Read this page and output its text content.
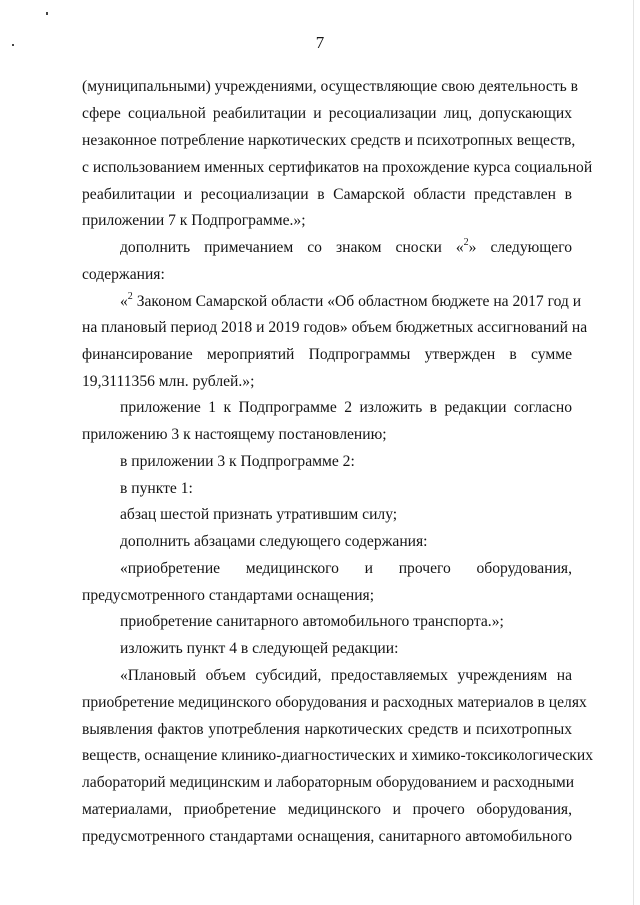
7
(муниципальными) учреждениями, осуществляющие свою деятельность в
сфере социальной реабилитации и ресоциализации лиц, допускающих
незаконное потребление наркотических средств и психотропных веществ,
с использованием именных сертификатов на прохождение курса социальной
реабилитации и ресоциализации в Самарской области представлен в
приложении 7 к Подпрограмме.»;
дополнить примечанием со знаком сноски «$^2$» следующего
содержания:
«$^2$ Законом Самарской области «Об областном бюджете на 2017 год и
на плановый период 2018 и 2019 годов» объем бюджетных ассигнований на
финансирование мероприятий Подпрограммы утвержден в сумме
19,3111356 млн. рублей.»;
приложение 1 к Подпрограмме 2 изложить в редакции согласно
приложению 3 к настоящему постановлению;
в приложении 3 к Подпрограмме 2:
в пункте 1:
абзац шестой признать утратившим силу;
дополнить абзацами следующего содержания:
«приобретение медицинского и прочего оборудования,
предусмотренного стандартами оснащения;
приобретение санитарного автомобильного транспорта.»;
изложить пункт 4 в следующей редакции:
«Плановый объем субсидий, предоставляемых учреждениям на
приобретение медицинского оборудования и расходных материалов в целях
выявления фактов употребления наркотических средств и психотропных
веществ, оснащение клинико-диагностических и химико-токсикологических
лабораторий медицинским и лабораторным оборудованием и расходными
материалами, приобретение медицинского и прочего оборудования,
предусмотренного стандартами оснащения, санитарного автомобильного
